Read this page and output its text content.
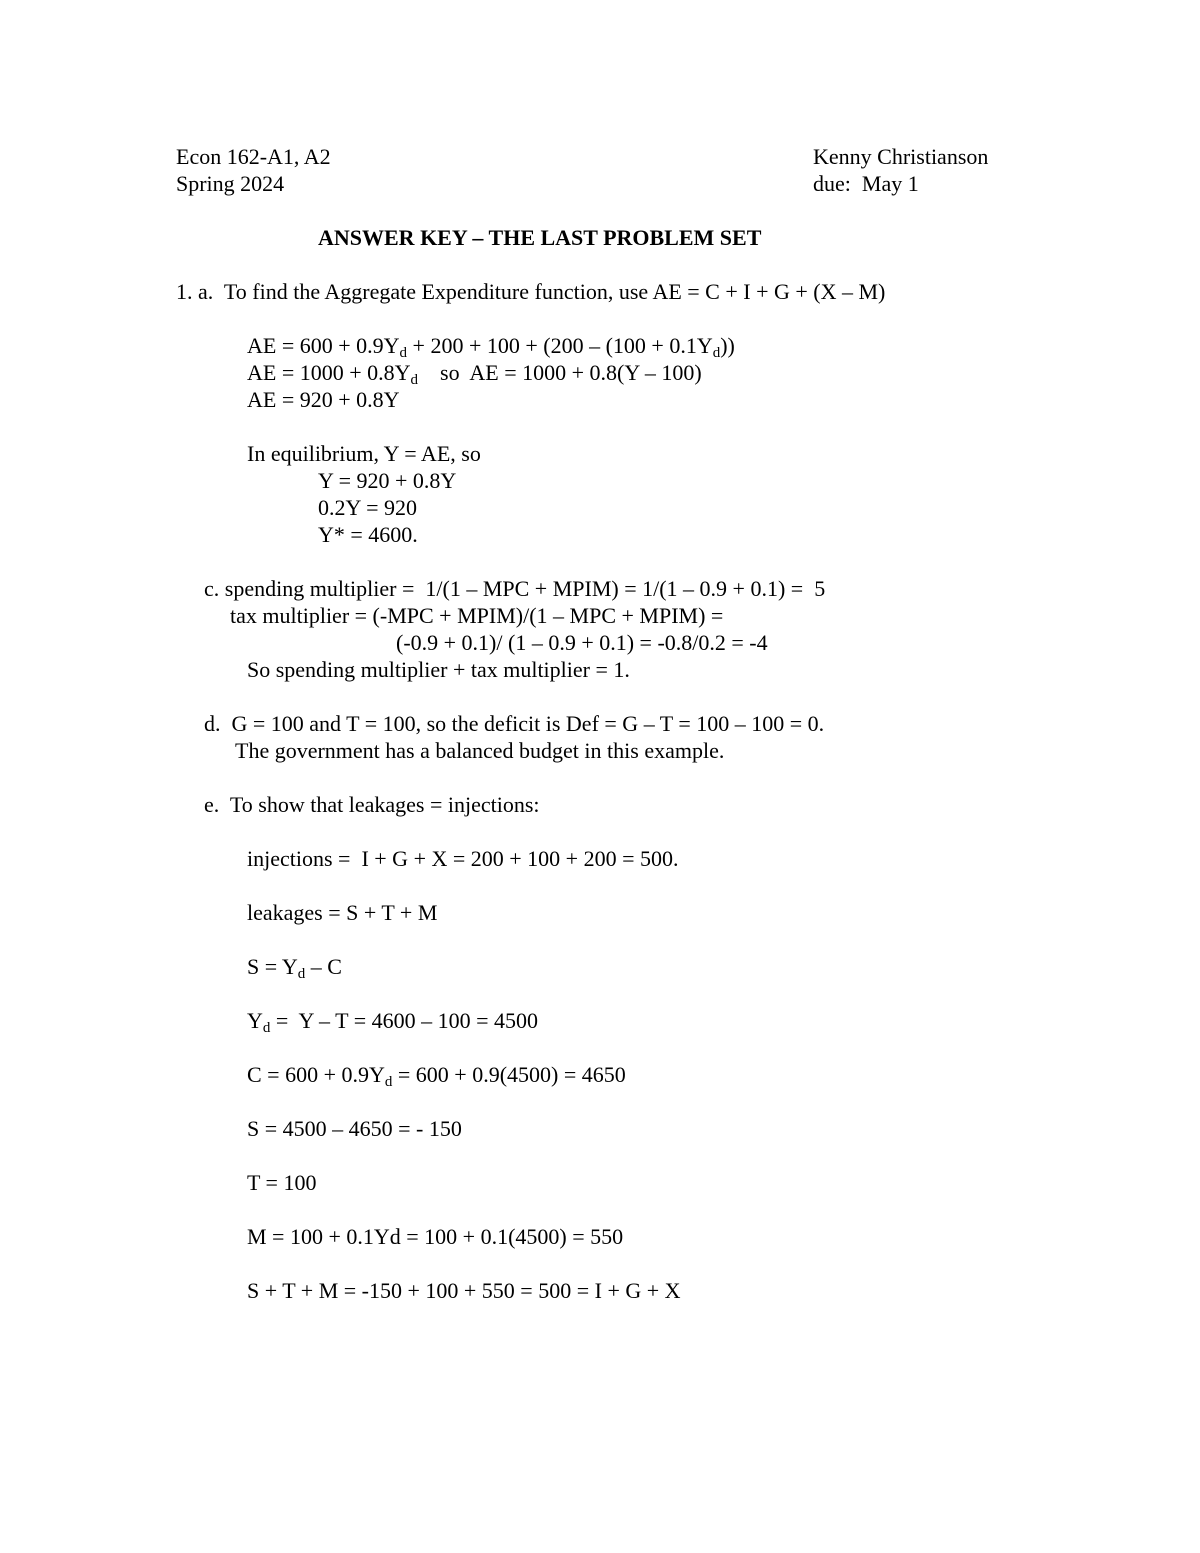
Econ 162-A1, A2
Spring 2024
Kenny Christianson
due:  May 1
ANSWER KEY – THE LAST PROBLEM SET
1. a.  To find the Aggregate Expenditure function, use AE = C + I + G + (X – M)
AE = $600 + 0.9Y_d + 200 + 100 + (200 - (100 + 0.1Y_d))$
AE = $1000 + 0.8Y_d$    so  AE = 1000 + 0.8(Y – 100)
AE = 920 + 0.8Y
In equilibrium, Y = AE, so
Y = 920 + 0.8Y
0.2Y = 920
Y* = 4600.
c. spending multiplier =  1/(1 – MPC + MPIM) = 1/(1 – 0.9 + 0.1) =  5
tax multiplier = (-MPC + MPIM)/(1 – MPC + MPIM) =
(-0.9 + 0.1)/ (1 – 0.9 + 0.1) = -0.8/0.2 = -4
So spending multiplier + tax multiplier = 1.
d.  G = 100 and T = 100, so the deficit is Def = G – T = 100 – 100 = 0.
The government has a balanced budget in this example.
e.  To show that leakages = injections:
injections =  I + G + X = 200 + 100 + 200 = 500.
leakages = S + T + M
$S = Y_d - C$
$Y_d = Y - T = 4600 - 100 = 4500$
$C = 600 + 0.9Y_d = 600 + 0.9(4500) = 4650$
S = 4500 – 4650 = - 150
T = 100
M = 100 + 0.1Yd = 100 + 0.1(4500) = 550
S + T + M = -150 + 100 + 550 = 500 = I + G + X
